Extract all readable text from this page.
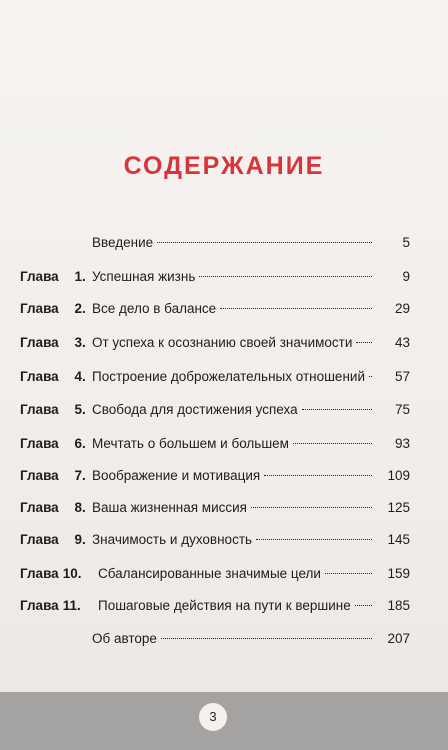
СОДЕРЖАНИЕ
Введение	5
Глава 1. Успешная жизнь	9
Глава 2. Все дело в балансе	29
Глава 3. От успеха к осознанию своей значимости	43
Глава 4. Построение доброжелательных отношений	57
Глава 5. Свобода для достижения успеха	75
Глава 6. Мечтать о большем и большем	93
Глава 7. Воображение и мотивация	109
Глава 8. Ваша жизненная миссия	125
Глава 9. Значимость и духовность	145
Глава 10. Сбалансированные значимые цели	159
Глава 11. Пошаговые действия на пути к вершине	185
Об авторе	207
3
